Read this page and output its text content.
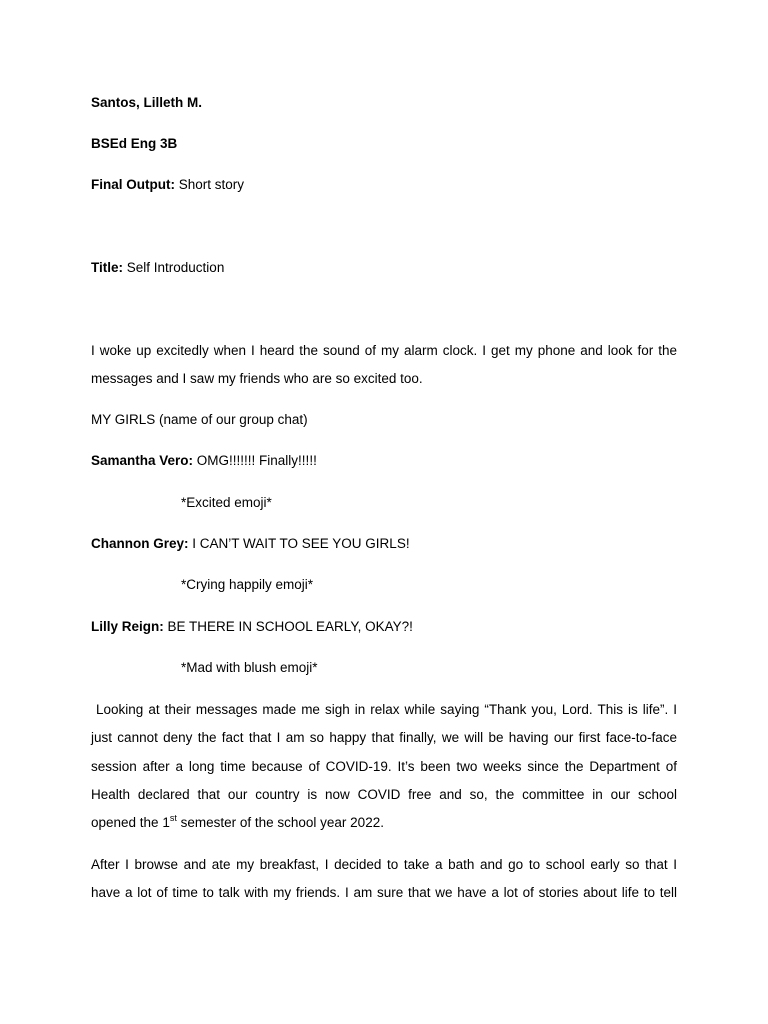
Santos, Lilleth M.
BSEd Eng 3B
Final Output: Short story
Title: Self Introduction
I woke up excitedly when I heard the sound of my alarm clock. I get my phone and look for the
messages and I saw my friends who are so excited too.
MY GIRLS (name of our group chat)
Samantha Vero: OMG!!!!!!! Finally!!!!!
*Excited emoji*
Channon Grey: I CAN’T WAIT TO SEE YOU GIRLS!
*Crying happily emoji*
Lilly Reign: BE THERE IN SCHOOL EARLY, OKAY?!
*Mad with blush emoji*
Looking at their messages made me sigh in relax while saying “Thank you, Lord. This is life”. I
just cannot deny the fact that I am so happy that finally, we will be having our first face-to-face
session after a long time because of COVID-19. It’s been two weeks since the Department of
Health declared that our country is now COVID free and so, the committee in our school
opened the 1st semester of the school year 2022.
After I browse and ate my breakfast, I decided to take a bath and go to school early so that I
have a lot of time to talk with my friends. I am sure that we have a lot of stories about life to tell
